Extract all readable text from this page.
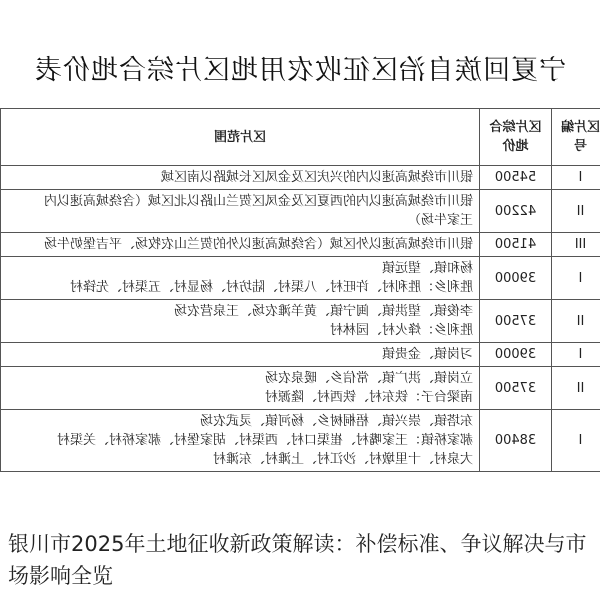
宁夏回族自治区征收农用地区片综合地价表
区片编号	区片综合地价	区片范围
I	54500	银川市绕城高速以内的兴庆区及金凤区长城路以南区域

II	42200	银川市绕城高速以内的西夏区及金凤区贺兰山路以北区域（含绕城高速以内
王家牛场）

III	41500	银川市绕城高速以外区域（含绕城高速以外的贺兰山农牧场、平吉堡奶牛场

I	39000	杨和镇、望远镇
胜利乡：胜利村、许旺村、八渠村、陆坊村、杨显村、五渠村、先锋村

II	37500	李俊镇、望洪镇、闽宁镇、黄羊滩农场、王泉营农场
胜利乡：烽火村、园林村

I	39000	习岗镇、金贵镇

II	37500	立岗镇、洪广镇、常信乡、暖泉农场
南梁台子：铁东村、铁西村、隆源村

I	38400	东塔镇、崇兴镇、梧桐树乡、杨河镇、灵武农场
郝家桥镇：王家嘴村、崔渠口村、西渠村、胡家堡村、郝家桥村、关渠村
大泉村、十里墩村、沙江村、上滩村、东滩村
银川市2025年土地征收新政策解读：补偿标准、争议解决与市场影响全览
